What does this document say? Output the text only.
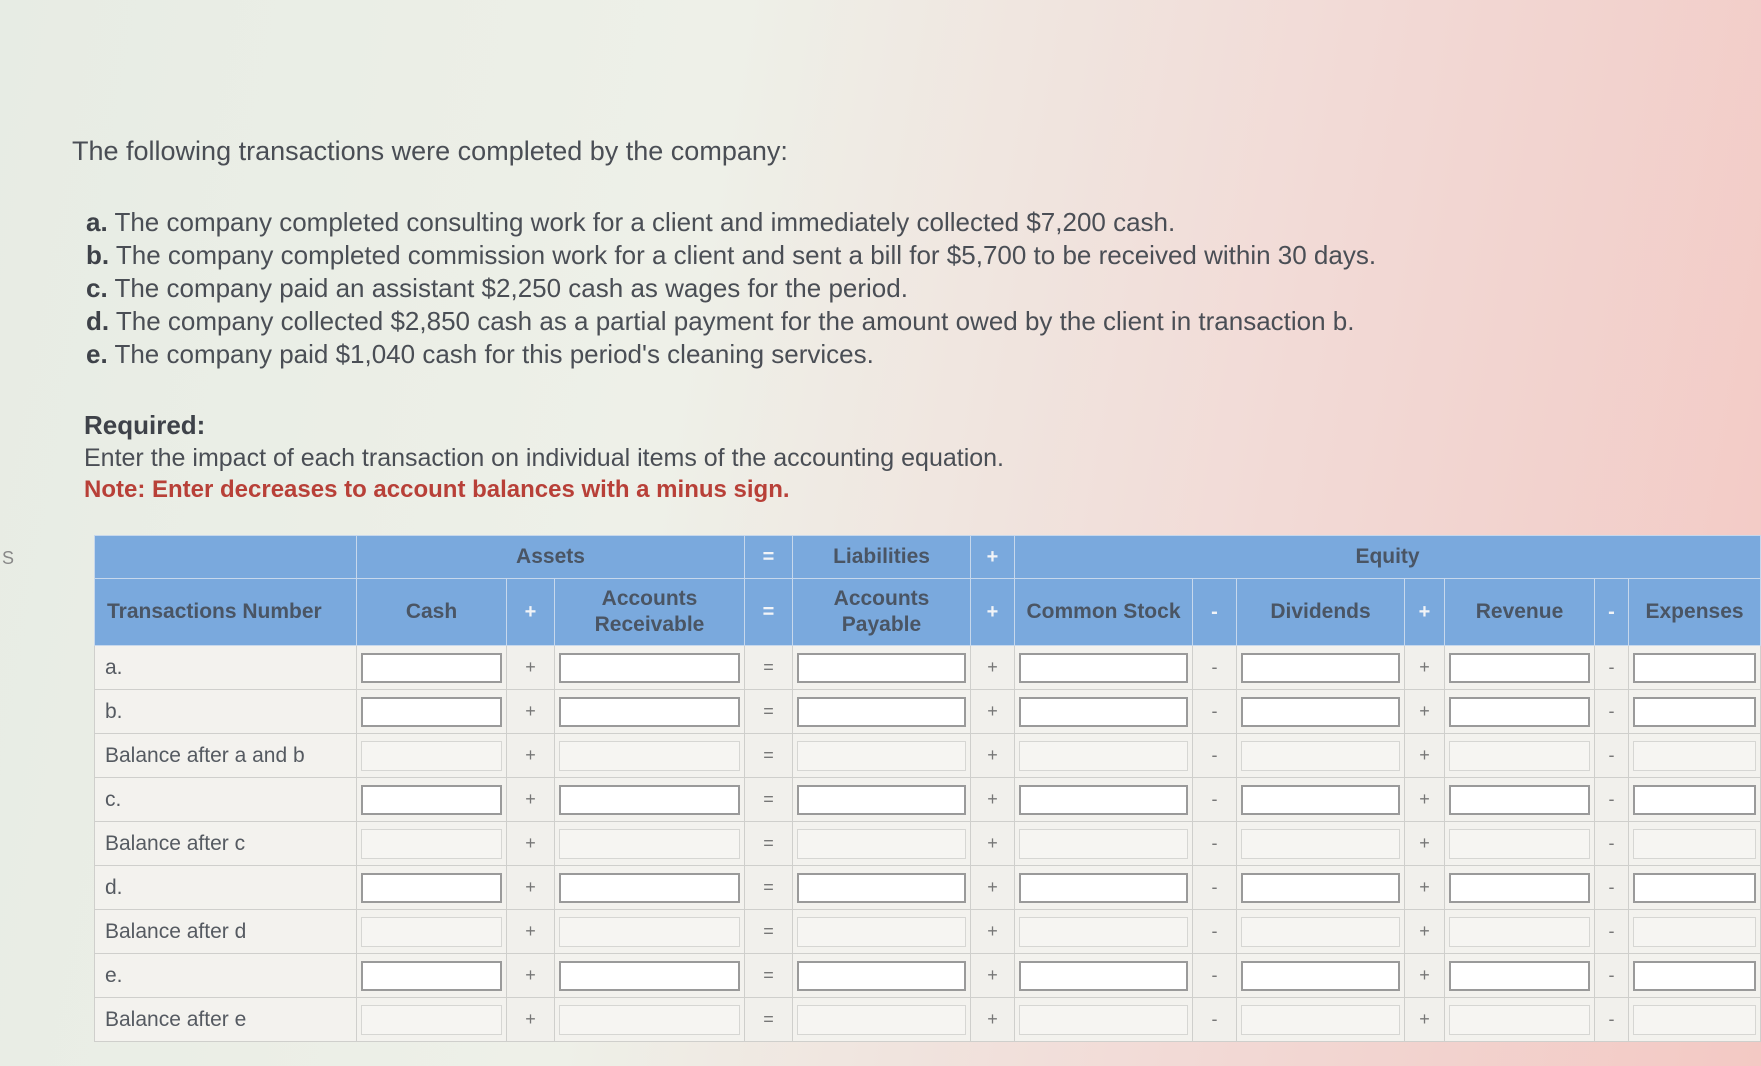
S
The following transactions were completed by the company:
a. The company completed consulting work for a client and immediately collected $7,200 cash.
b. The company completed commission work for a client and sent a bill for $5,700 to be received within 30 days.
c. The company paid an assistant $2,250 cash as wages for the period.
d. The company collected $2,850 cash as a partial payment for the amount owed by the client in transaction b.
e. The company paid $1,040 cash for this period's cleaning services.
Required:
Enter the impact of each transaction on individual items of the accounting equation.
Note: Enter decreases to account balances with a minus sign.
	Assets			=	Liabilities	+	Equity						
Transactions Number	Cash	+	Accounts Receivable	=	Accounts Payable	+	Common Stock	-	Dividends	+	Revenue	-	Expenses
a.		+		=		+		-		+		-	
b.		+		=		+		-		+		-	
Balance after a and b		+		=		+		-		+		-	
c.		+		=		+		-		+		-	
Balance after c		+		=		+		-		+		-	
d.		+		=		+		-		+		-	
Balance after d		+		=		+		-		+		-	
e.		+		=		+		-		+		-	
Balance after e		+		=		+		-		+		-	
